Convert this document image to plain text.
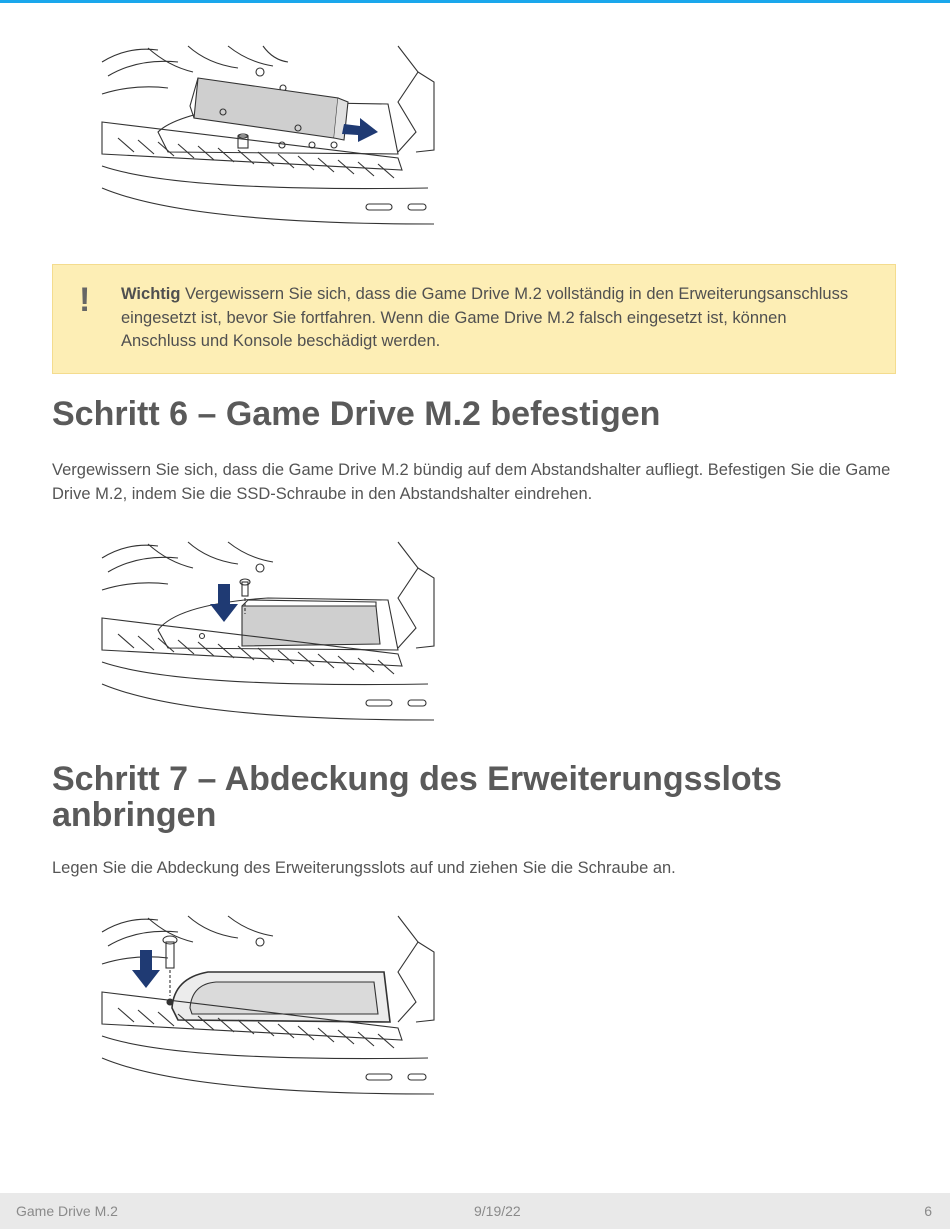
! Wichtig Vergewissern Sie sich, dass die Game Drive M.2 vollständig in den Erweiterungsanschluss eingesetzt ist, bevor Sie fortfahren. Wenn die Game Drive M.2 falsch eingesetzt ist, können Anschluss und Konsole beschädigt werden.
Schritt 6 – Game Drive M.2 befestigen

Vergewissern Sie sich, dass die Game Drive M.2 bündig auf dem Abstandshalter aufliegt. Befestigen Sie die Game Drive M.2, indem Sie die SSD-Schraube in den Abstandshalter eindrehen.

Schritt 7 – Abdeckung des Erweiterungsslots anbringen

Legen Sie die Abdeckung des Erweiterungsslots auf und ziehen Sie die Schraube an.

Game Drive M.2	9/19/22	6
